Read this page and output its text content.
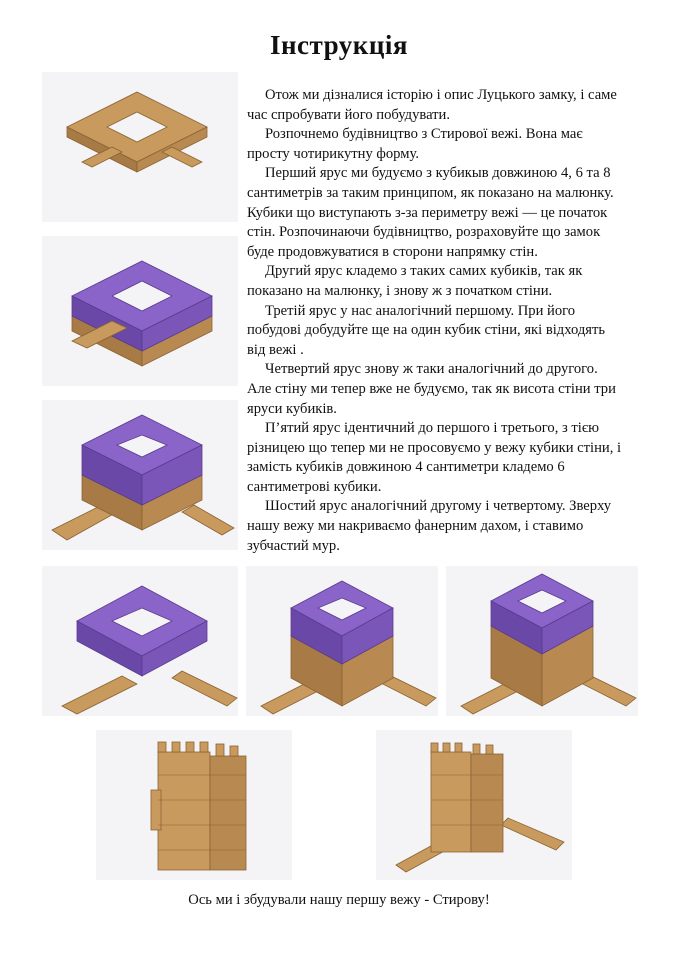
Інструкція

Отож ми дізналися історію і опис Луцького замку, і саме час спробувати його побудувати.

Розпочнемо будівництво з Стирової вежі. Вона має просту чотирикутну форму.

Перший ярус ми будуємо з кубикыв довжиною 4, 6 та 8 сантиметрів за таким принципом, як показано на малюнку. Кубики що виступають з-за периметру вежі — це початок стін. Розпочинаючи будівництво, розраховуйте що замок буде продовжуватися в сторони напрямку стін.

Другий ярус кладемо з таких самих кубиків, так як показано на малюнку, і знову ж з початком стіни.

Третій ярус у нас аналогічний першому. При його побудові добудуйте ще на один кубик стіни, які відходять від вежі .

Четвертий ярус знову ж таки аналогічний до другого. Але стіну ми тепер вже не будуємо, так як висота стіни три яруси кубиків.

П’ятий ярус ідентичний до першого і третього, з тією різницею що тепер ми не просовуємо у вежу кубики стіни, і замість кубиків довжиною 4 сантиметри кладемо 6 сантиметрові кубики.

Шостий ярус аналогічний другому і четвертому. Зверху нашу вежу ми накриваємо фанерним дахом, і ставимо зубчастий мур.

Ось ми і збудували нашу першу вежу - Стирову!
